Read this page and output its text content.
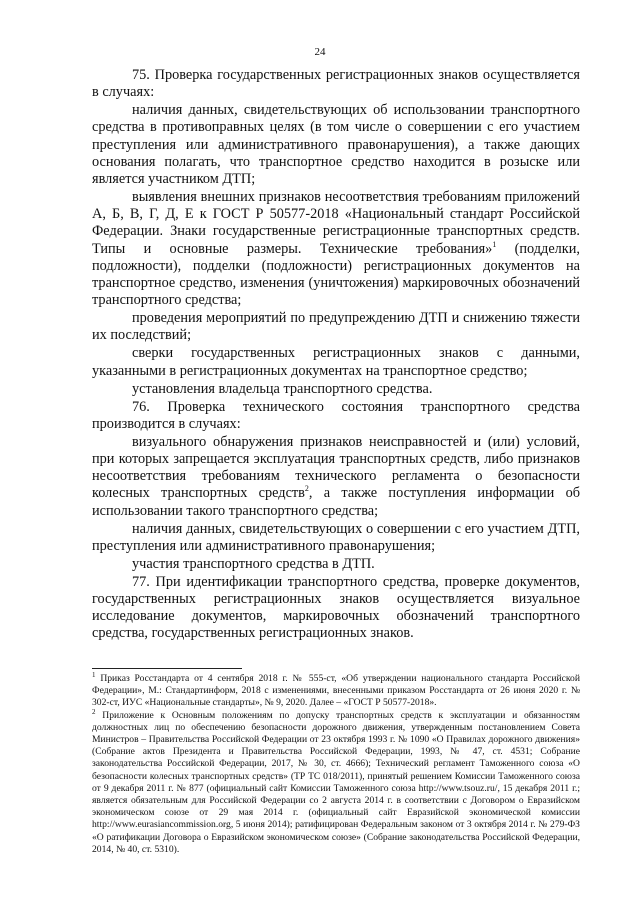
24

75. Проверка государственных регистрационных знаков осуществляется в случаях:

наличия данных, свидетельствующих об использовании транспортного средства в противоправных целях (в том числе о совершении с его участием преступления или административного правонарушения), а также дающих основания полагать, что транспортное средство находится в розыске или является участником ДТП;

выявления внешних признаков несоответствия требованиям приложений А, Б, В, Г, Д, Е к ГОСТ Р 50577-2018 «Национальный стандарт Российской Федерации. Знаки государственные регистрационные транспортных средств. Типы и основные размеры. Технические требования»$^1$ (подделки, подложности), подделки (подложности) регистрационных документов на транспортное средство, изменения (уничтожения) маркировочных обозначений транспортного средства;

проведения мероприятий по предупреждению ДТП и снижению тяжести их последствий;

сверки государственных регистрационных знаков с данными, указанными в регистрационных документах на транспортное средство;

установления владельца транспортного средства.

76. Проверка технического состояния транспортного средства производится в случаях:

визуального обнаружения признаков неисправностей и (или) условий, при которых запрещается эксплуатация транспортных средств, либо признаков несоответствия требованиям технического регламента о безопасности колесных транспортных средств$^2$, а также поступления информации об использовании такого транспортного средства;

наличия данных, свидетельствующих о совершении с его участием ДТП, преступления или административного правонарушения;

участия транспортного средства в ДТП.

77. При идентификации транспортного средства, проверке документов, государственных регистрационных знаков осуществляется визуальное исследование документов, маркировочных обозначений транспортного средства, государственных регистрационных знаков.

$^1$ Приказ Росстандарта от 4 сентября 2018 г. № 555-ст, «Об утверждении национального стандарта Российской Федерации», М.: Стандартинформ, 2018 с изменениями, внесенными приказом Росстандарта от 26 июня 2020 г. № 302-ст, ИУС «Национальные стандарты», № 9, 2020. Далее – «ГОСТ Р 50577-2018».

$^2$ Приложение к Основным положениям по допуску транспортных средств к эксплуатации и обязанностям должностных лиц по обеспечению безопасности дорожного движения, утвержденным постановлением Совета Министров – Правительства Российской Федерации от 23 октября 1993 г. № 1090 «О Правилах дорожного движения» (Собрание актов Президента и Правительства Российской Федерации, 1993, № 47, ст. 4531; Собрание законодательства Российской Федерации, 2017, № 30, ст. 4666); Технический регламент Таможенного союза «О безопасности колесных транспортных средств» (ТР ТС 018/2011), принятый решением Комиссии Таможенного союза от 9 декабря 2011 г. № 877 (официальный сайт Комиссии Таможенного союза http://www.tsouz.ru/, 15 декабря 2011 г.; является обязательным для Российской Федерации со 2 августа 2014 г. в соответствии с Договором о Евразийском экономическом союзе от 29 мая 2014 г. (официальный сайт Евразийской экономической комиссии http://www.eurasiancommission.org, 5 июня 2014); ратифицирован Федеральным законом от 3 октября 2014 г. № 279-ФЗ «О ратификации Договора о Евразийском экономическом союзе» (Собрание законодательства Российской Федерации, 2014, № 40, ст. 5310).
